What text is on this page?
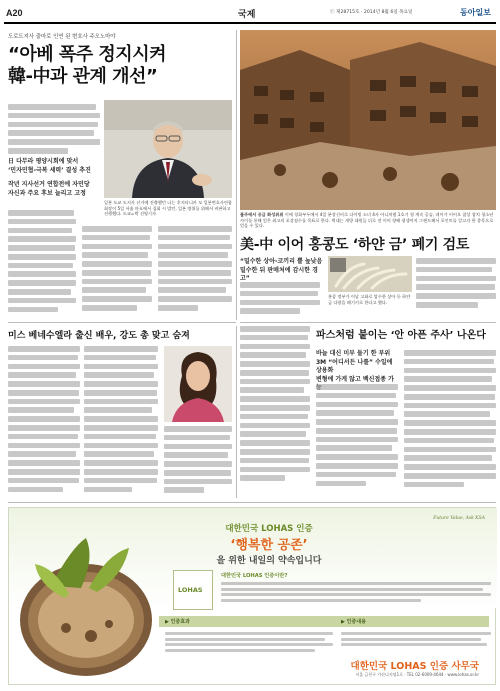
A20	국제	ⓒ 제28715호 · 2014년 8월 6일 목요일	동아일보
도로도지사 출마로 인연 된 변호사 주오노마야
“아베 폭주 정지시켜
韓-中과 관계 개선”
日 다무라 평양시회에 맞서
‘민자민협-극복 세력’ 결성 추진
작년 지사선거 연합전에 자민당
자신과 주요 후보 늘리고 고정
일본 도쿄 도지사 선거에 진출했던 나는 후지타니카 모 일본변호사연합회장이 5일 서울 마포에서 집회 시 발언, 일본 방위를 위해서 비판하고 선행했다. 도쿄=박 선영기자	불주에서 공급 화성위위 이에 칭화부두에서 4일 분장신비로 다이빙 소녀 4자 아니처럼 1호기 형 계속 공습, 데이가 이어오 잡상 참치 청소년 사이를 통해 얻은 최고의 포상점수를 목표로 한다. 벽대는 개방 대원들 뒤로 전 이어 향해 평생까지 그랜드해서 포인트를 알고자 한 종목으로 얻을 수 있다.
美-中 이어 홍콩도 ‘하얀 금’ 폐기 검토
“밀수한 상아-코끼리 뿔 높낮음
밀수한 뒤 판매처에 감시한 경고”
홍콩 정부가 이날 고화로 압수한 상아 등 하얀 금 다량을 폐기키로 한다고 했다.
파스처럼 붙이는 ‘안 아픈 주사’ 나온다
바늘 대신 미부 돌기 한 부위
3M “어디서든 나를” 수일에 상용화
변형에 가게 않고 백신접종 가
미스 베네수엘라 출신 배우, 강도 총 맞고 숨져
Future Value, Ask KSA
대한민국 LOHAS 인증
‘행복한 공존’
을 위한 내일의 약속입니다
LOHAS
대한민국 LOHAS 인증이란?
▶ 인증효과	▶ 인증내용
대한민국 LOHAS 인증 사무국
서울 금천구 가산디지털1로 · TEL 02-6009-4644 · www.lohas.or.kr
